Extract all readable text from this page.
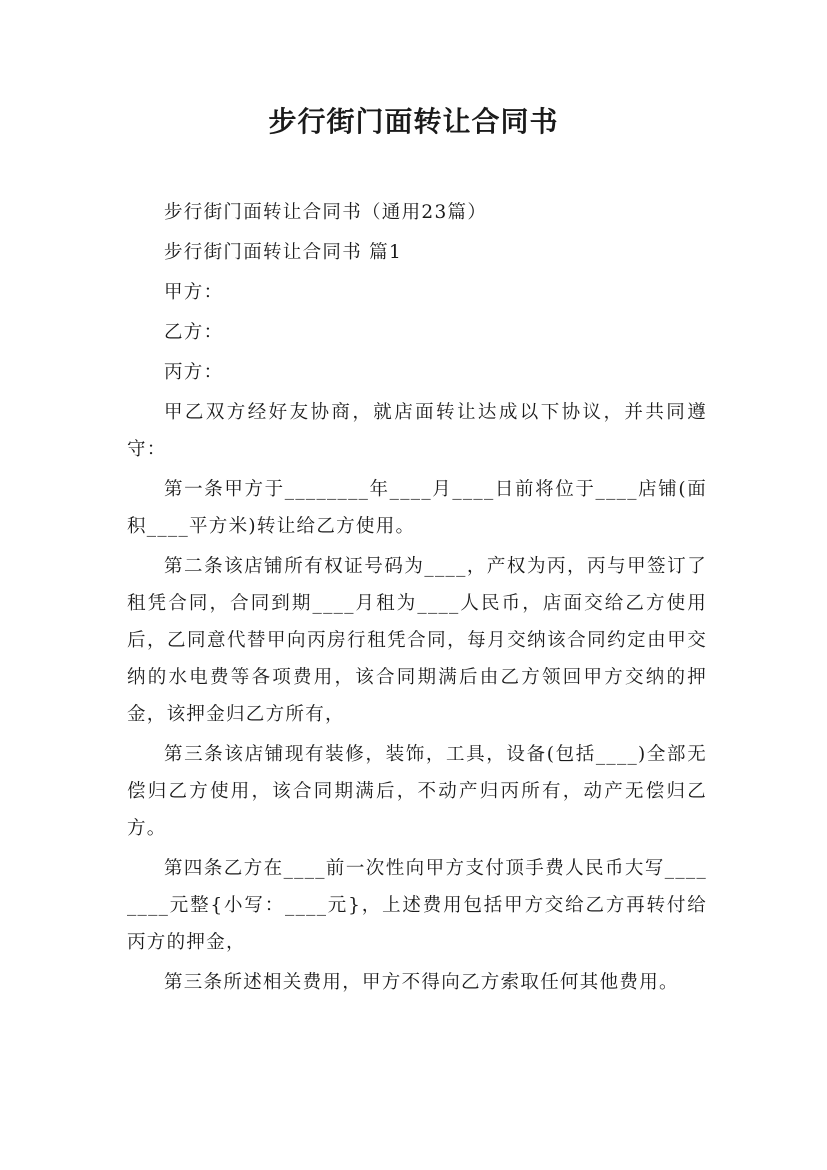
步行街门面转让合同书

步行街门面转让合同书（通用23篇）

步行街门面转让合同书 篇1

甲方：

乙方：

丙方：

甲乙双方经好友协商，就店面转让达成以下协议，并共同遵守：

第一条甲方于________年____月____日前将位于____店铺(面积____平方米)转让给乙方使用。

第二条该店铺所有权证号码为____，产权为丙，丙与甲签订了租凭合同，合同到期____月租为____人民币，店面交给乙方使用后，乙同意代替甲向丙房行租凭合同，每月交纳该合同约定由甲交纳的水电费等各项费用，该合同期满后由乙方领回甲方交纳的押金，该押金归乙方所有，

第三条该店铺现有装修，装饰，工具，设备(包括____)全部无偿归乙方使用，该合同期满后，不动产归丙所有，动产无偿归乙方。

第四条乙方在____前一次性向甲方支付顶手费人民币大写________元整{小写：____元}，上述费用包括甲方交给乙方再转付给丙方的押金，

第三条所述相关费用，甲方不得向乙方索取任何其他费用。
